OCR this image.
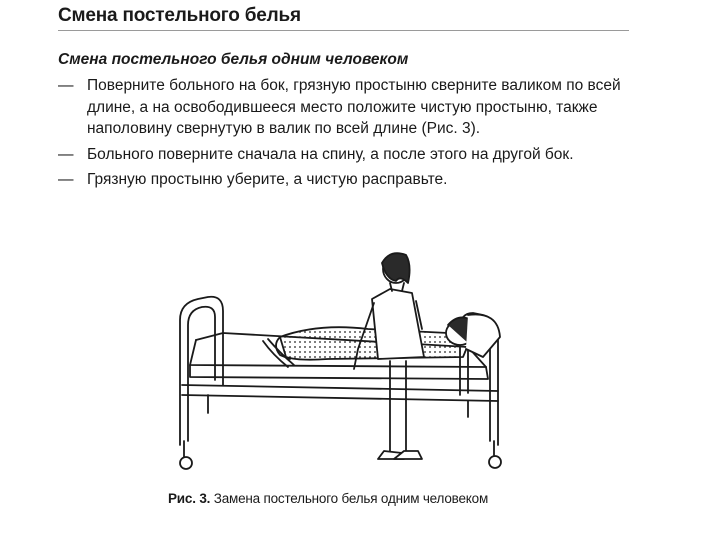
Смена постельного белья
Смена постельного белья одним человеком
— Поверните больного на бок, грязную простыню сверните валиком по всей длине, а на освободившееся место положите чистую простыню, также наполовину свернутую в валик по всей длине (Рис. 3).
— Больного поверните сначала на спину, а после этого на другой бок.
— Грязную простыню уберите, а чистую расправьте.
Рис. 3. Замена постельного белья одним человеком
